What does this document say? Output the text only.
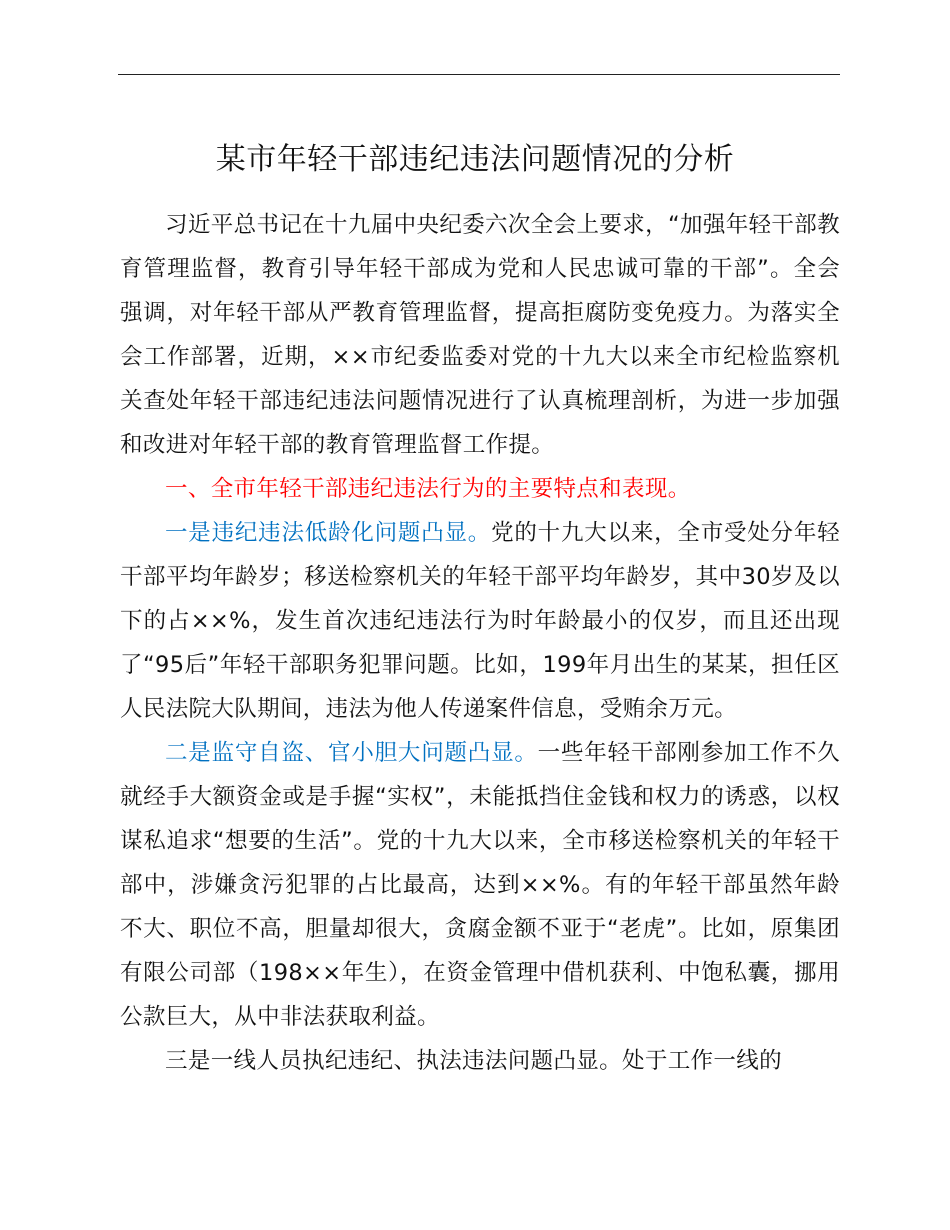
某市年轻干部违纪违法问题情况的分析

习近平总书记在十九届中央纪委六次全会上要求，“加强年轻干部教育管理监督，教育引导年轻干部成为党和人民忠诚可靠的干部”。全会强调，对年轻干部从严教育管理监督，提高拒腐防变免疫力。为落实全会工作部署，近期，××市纪委监委对党的十九大以来全市纪检监察机关查处年轻干部违纪违法问题情况进行了认真梳理剖析，为进一步加强和改进对年轻干部的教育管理监督工作提。

一、全市年轻干部违纪违法行为的主要特点和表现。

一是违纪违法低龄化问题凸显。党的十九大以来，全市受处分年轻干部平均年龄岁；移送检察机关的年轻干部平均年龄岁，其中30岁及以下的占××%，发生首次违纪违法行为时年龄最小的仅岁，而且还出现了“95后”年轻干部职务犯罪问题。比如，199年月出生的某某，担任区人民法院大队期间，违法为他人传递案件信息，受贿余万元。

二是监守自盗、官小胆大问题凸显。一些年轻干部刚参加工作不久就经手大额资金或是手握“实权”，未能抵挡住金钱和权力的诱惑，以权谋私追求“想要的生活”。党的十九大以来，全市移送检察机关的年轻干部中，涉嫌贪污犯罪的占比最高，达到××%。有的年轻干部虽然年龄不大、职位不高，胆量却很大，贪腐金额不亚于“老虎”。比如，原集团有限公司部（198××年生），在资金管理中借机获利、中饱私囊，挪用公款巨大，从中非法获取利益。

三是一线人员执纪违纪、执法违法问题凸显。处于工作一线的
